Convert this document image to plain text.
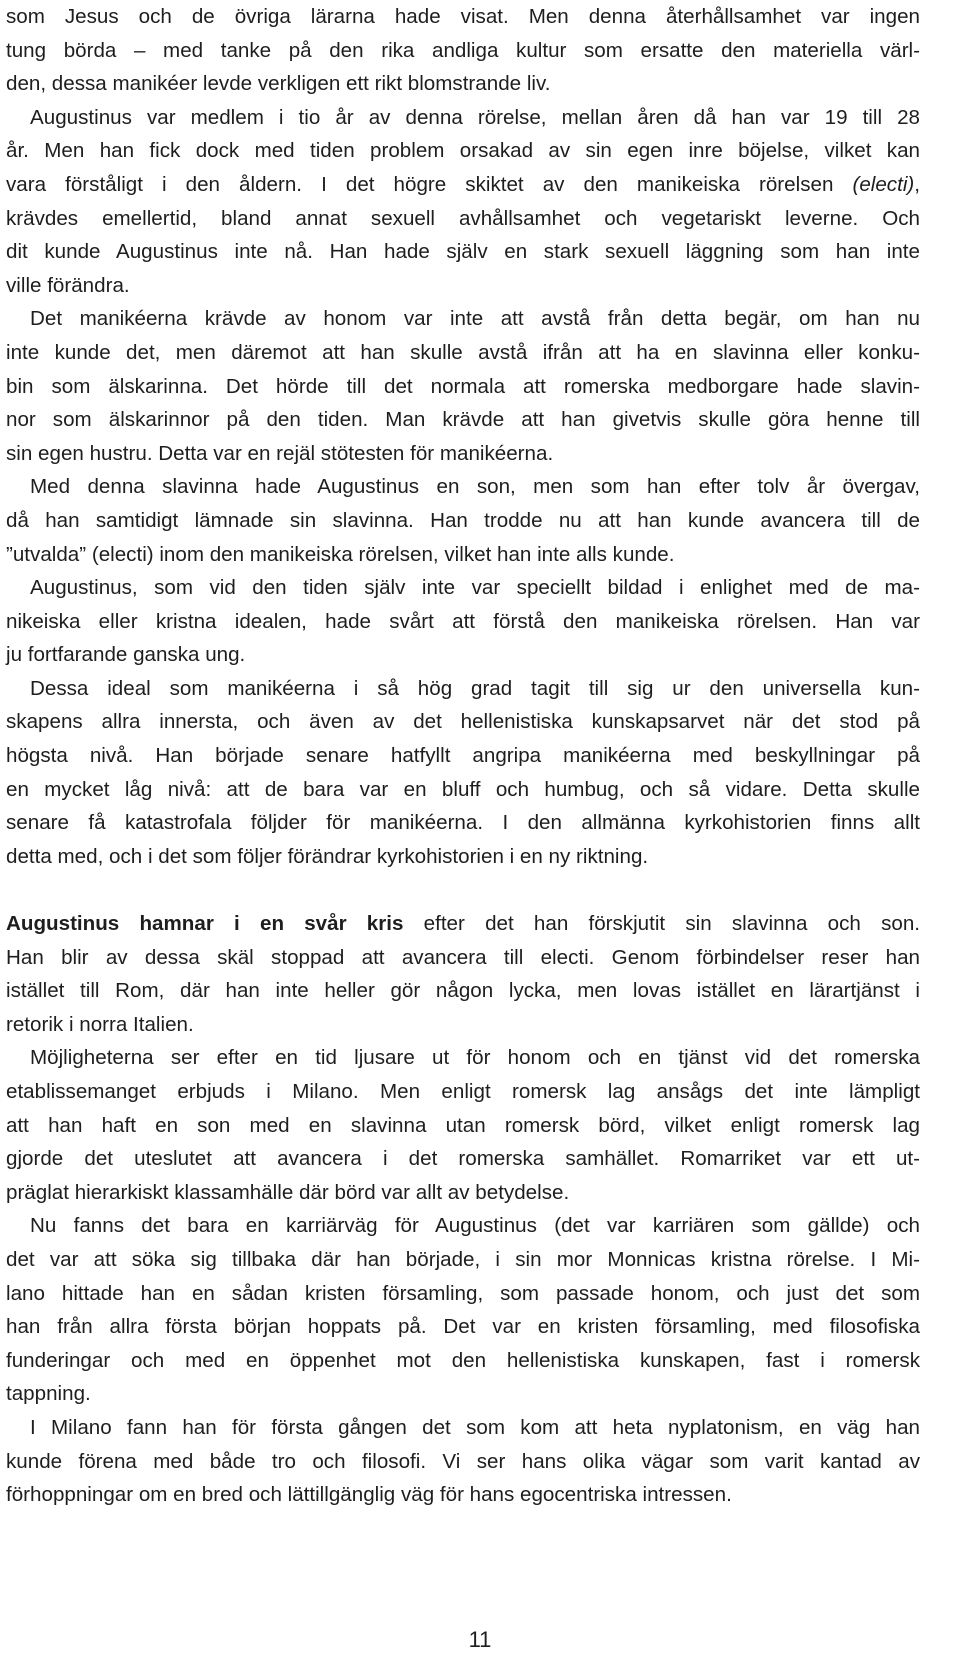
som Jesus och de övriga lärarna hade visat. Men denna återhållsamhet var ingen
tung börda – med tanke på den rika andliga kultur som ersatte den materiella värl-
den, dessa manikéer levde verkligen ett rikt blomstrande liv.
Augustinus var medlem i tio år av denna rörelse, mellan åren då han var 19 till 28
år. Men han fick dock med tiden problem orsakad av sin egen inre böjelse, vilket kan
vara förståligt i den åldern. I det högre skiktet av den manikeiska rörelsen (electi),
krävdes emellertid, bland annat sexuell avhållsamhet och vegetariskt leverne. Och
dit kunde Augustinus inte nå. Han hade själv en stark sexuell läggning som han inte
ville förändra.
Det manikéerna krävde av honom var inte att avstå från detta begär, om han nu
inte kunde det, men däremot att han skulle avstå ifrån att ha en slavinna eller konku-
bin som älskarinna. Det hörde till det normala att romerska medborgare hade slavin-
nor som älskarinnor på den tiden. Man krävde att han givetvis skulle göra henne till
sin egen hustru. Detta var en rejäl stötesten för manikéerna.
Med denna slavinna hade Augustinus en son, men som han efter tolv år övergav,
då han samtidigt lämnade sin slavinna. Han trodde nu att han kunde avancera till de
”utvalda” (electi) inom den manikeiska rörelsen, vilket han inte alls kunde.
Augustinus, som vid den tiden själv inte var speciellt bildad i enlighet med de ma-
nikeiska eller kristna idealen, hade svårt att förstå den manikeiska rörelsen. Han var
ju fortfarande ganska ung.
Dessa ideal som manikéerna i så hög grad tagit till sig ur den universella kun-
skapens allra innersta, och även av det hellenistiska kunskapsarvet när det stod på
högsta nivå. Han började senare hatfyllt angripa manikéerna med beskyllningar på
en mycket låg nivå: att de bara var en bluff och humbug, och så vidare. Detta skulle
senare få katastrofala följder för manikéerna. I den allmänna kyrkohistorien finns allt
detta med, och i det som följer förändrar kyrkohistorien i en ny riktning.
Augustinus hamnar i en svår kris efter det han förskjutit sin slavinna och son.
Han blir av dessa skäl stoppad att avancera till electi. Genom förbindelser reser han
istället till Rom, där han inte heller gör någon lycka, men lovas istället en lärartjänst i
retorik i norra Italien.
Möjligheterna ser efter en tid ljusare ut för honom och en tjänst vid det romerska
etablissemanget erbjuds i Milano. Men enligt romersk lag ansågs det inte lämpligt
att han haft en son med en slavinna utan romersk börd, vilket enligt romersk lag
gjorde det uteslutet att avancera i det romerska samhället. Romarriket var ett ut-
präglat hierarkiskt klassamhälle där börd var allt av betydelse.
Nu fanns det bara en karriärväg för Augustinus (det var karriären som gällde) och
det var att söka sig tillbaka där han började, i sin mor Monnicas kristna rörelse. I Mi-
lano hittade han en sådan kristen församling, som passade honom, och just det som
han från allra första början hoppats på. Det var en kristen församling, med filosofiska
funderingar och med en öppenhet mot den hellenistiska kunskapen, fast i romersk
tappning.
I Milano fann han för första gången det som kom att heta nyplatonism, en väg han
kunde förena med både tro och filosofi. Vi ser hans olika vägar som varit kantad av
förhoppningar om en bred och lättillgänglig väg för hans egocentriska intressen.
11
